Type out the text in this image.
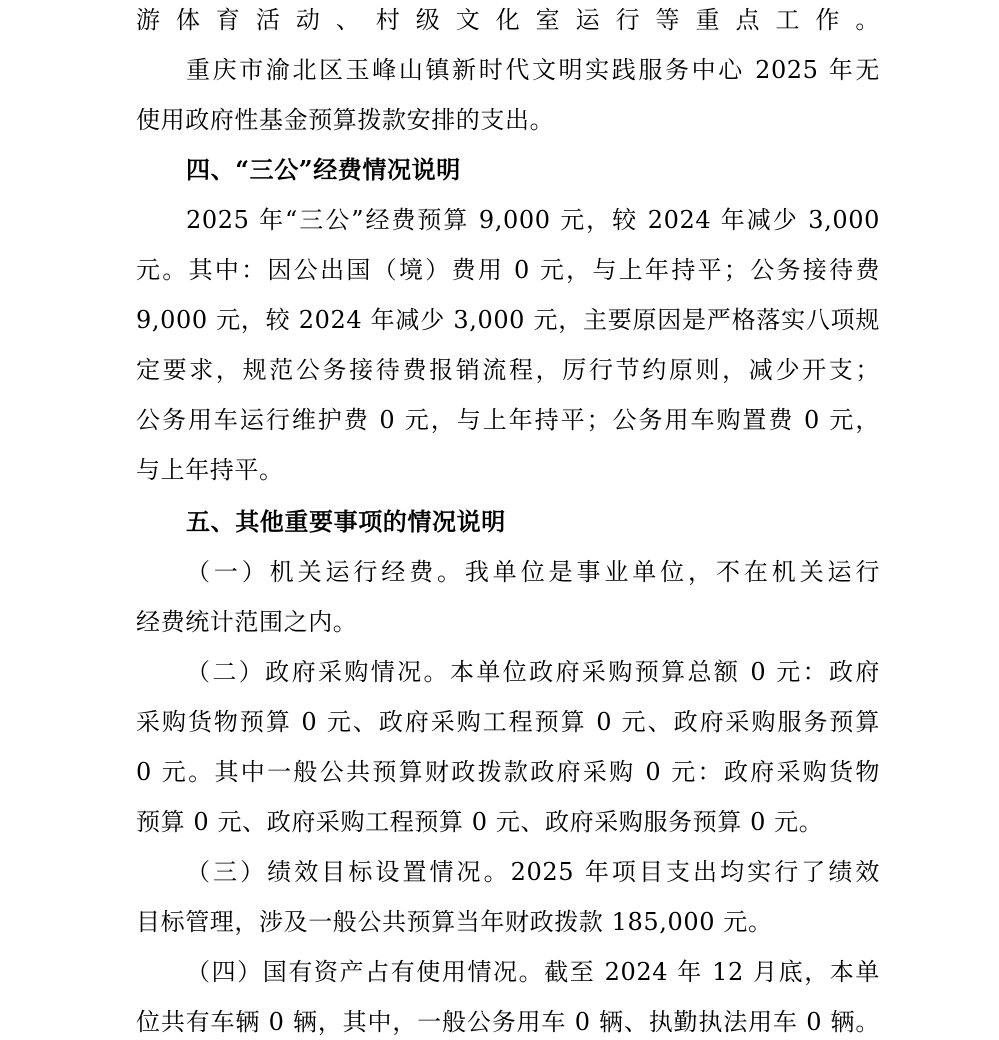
游体育活动、村级文化室运行等重点工作。
重庆市渝北区玉峰山镇新时代文明实践服务中心 2025 年无
使用政府性基金预算拨款安排的支出。
四、“三公”经费情况说明
2025 年“三公”经费预算 9,000 元，较 2024 年减少 3,000
元。其中：因公出国（境）费用 0 元，与上年持平；公务接待费
9,000 元，较 2024 年减少 3,000 元，主要原因是严格落实八项规
定要求，规范公务接待费报销流程，厉行节约原则，减少开支；
公务用车运行维护费 0 元，与上年持平；公务用车购置费 0 元，
与上年持平。
五、其他重要事项的情况说明
（一）机关运行经费。我单位是事业单位，不在机关运行
经费统计范围之内。
（二）政府采购情况。本单位政府采购预算总额 0 元：政府
采购货物预算 0 元、政府采购工程预算 0 元、政府采购服务预算
0 元。其中一般公共预算财政拨款政府采购 0 元：政府采购货物
预算 0 元、政府采购工程预算 0 元、政府采购服务预算 0 元。
（三）绩效目标设置情况。2025 年项目支出均实行了绩效
目标管理，涉及一般公共预算当年财政拨款 185,000 元。
（四）国有资产占有使用情况。截至 2024 年 12 月底，本单
位共有车辆 0 辆，其中，一般公务用车 0 辆、执勤执法用车 0 辆。
